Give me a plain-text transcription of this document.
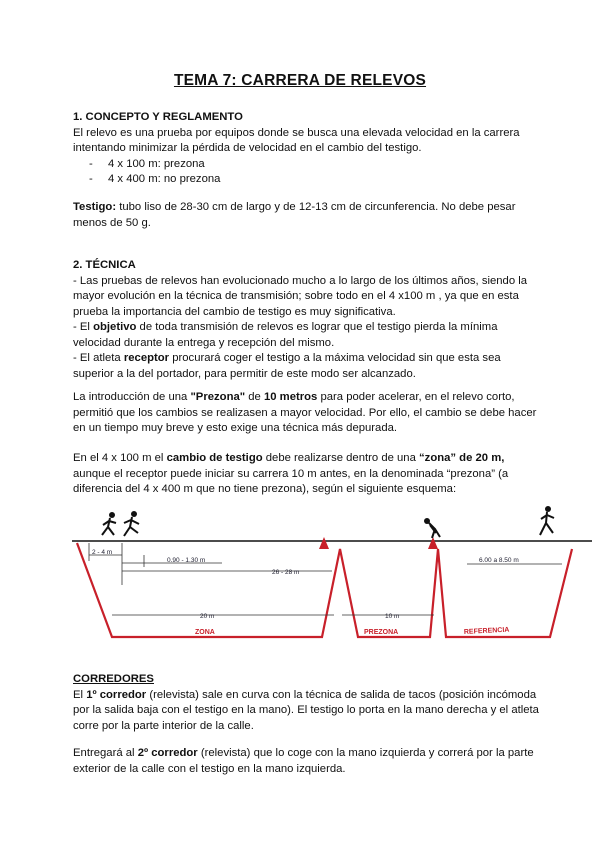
TEMA 7: CARRERA DE RELEVOS
1. CONCEPTO Y REGLAMENTO

El relevo es una prueba por equipos donde se busca una elevada velocidad en la carrera intentando minimizar la pérdida de velocidad en el cambio del testigo.

- 4 x 100 m: prezona
- 4 x 400 m: no prezona

Testigo: tubo liso de 28-30 cm de largo y de 12-13 cm de circunferencia. No debe pesar menos de 50 g.

2. TÉCNICA

- Las pruebas de relevos han evolucionado mucho a lo largo de los últimos años, siendo la mayor evolución en la técnica de transmisión; sobre todo en el 4 x100 m , ya que en esta prueba la importancia del cambio de testigo es muy significativa.

- El objetivo de toda transmisión de relevos es lograr que el testigo pierda la mínima velocidad durante la entrega y recepción del mismo.

- El atleta receptor procurará coger el testigo a la máxima velocidad sin que esta sea superior a la del portador, para permitir de este modo ser alcanzado.

La introducción de una "Prezona" de 10 metros para poder acelerar, en el relevo corto, permitió que los cambios se realizasen a mayor velocidad. Por ello, el cambio se debe hacer en un tiempo muy breve y esto exige una técnica más depurada.

En el 4 x 100 m el cambio de testigo debe realizarse dentro de una “zona” de 20 m, aunque el receptor puede iniciar su carrera 10 m antes, en la denominada “prezona” (a diferencia del 4 x 400 m que no tiene prezona), según el siguiente esquema:

2 - 4 m
0.90 - 1.30 m
26 - 28 m
6.00 a 8.50 m
20 m	10 m
ZONA	PREZONA	REFERENCIA
CORREDORES

El 1º corredor (relevista) sale en curva con la técnica de salida de tacos (posición incómoda por la salida baja con el testigo en la mano). El testigo lo porta en la mano derecha y el atleta corre por la parte interior de la calle.

Entregará al 2º corredor (relevista) que lo coge con la mano izquierda y correrá por la parte exterior de la calle con el testigo en la mano izquierda.
